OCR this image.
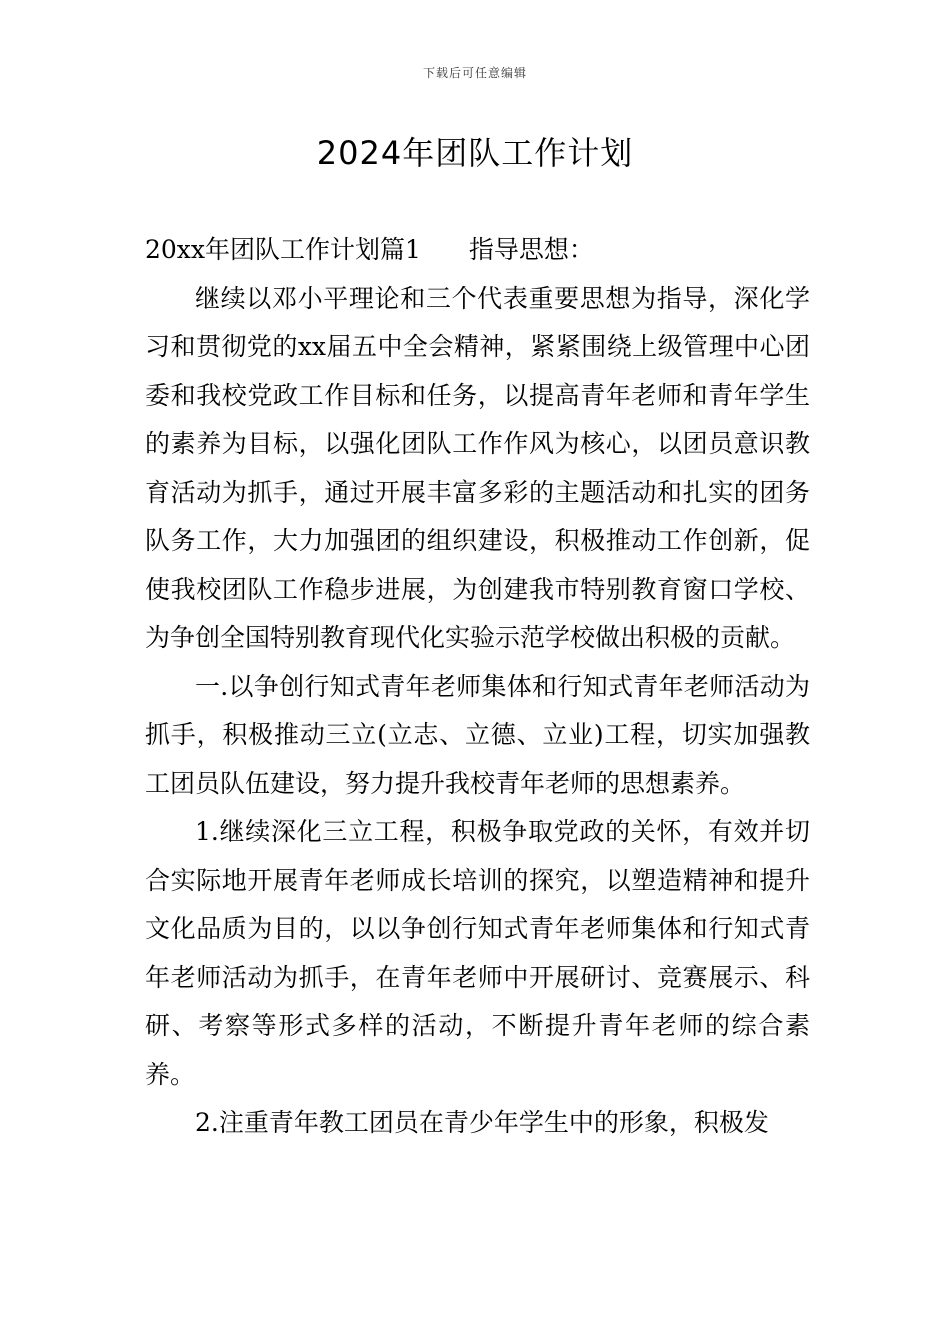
下载后可任意编辑
2024年团队工作计划

20xx年团队工作计划篇1 指导思想：

继续以邓小平理论和三个代表重要思想为指导，深化学习和贯彻党的xx届五中全会精神，紧紧围绕上级管理中心团委和我校党政工作目标和任务，以提高青年老师和青年学生的素养为目标，以强化团队工作作风为核心，以团员意识教育活动为抓手，通过开展丰富多彩的主题活动和扎实的团务队务工作，大力加强团的组织建设，积极推动工作创新，促使我校团队工作稳步进展，为创建我市特别教育窗口学校、为争创全国特别教育现代化实验示范学校做出积极的贡献。

一.以争创行知式青年老师集体和行知式青年老师活动为抓手，积极推动三立(立志、立德、立业)工程，切实加强教工团员队伍建设，努力提升我校青年老师的思想素养。

1.继续深化三立工程，积极争取党政的关怀，有效并切合实际地开展青年老师成长培训的探究，以塑造精神和提升文化品质为目的，以以争创行知式青年老师集体和行知式青年老师活动为抓手，在青年老师中开展研讨、竞赛展示、科研、考察等形式多样的活动，不断提升青年老师的综合素养。

2.注重青年教工团员在青少年学生中的形象，积极发
